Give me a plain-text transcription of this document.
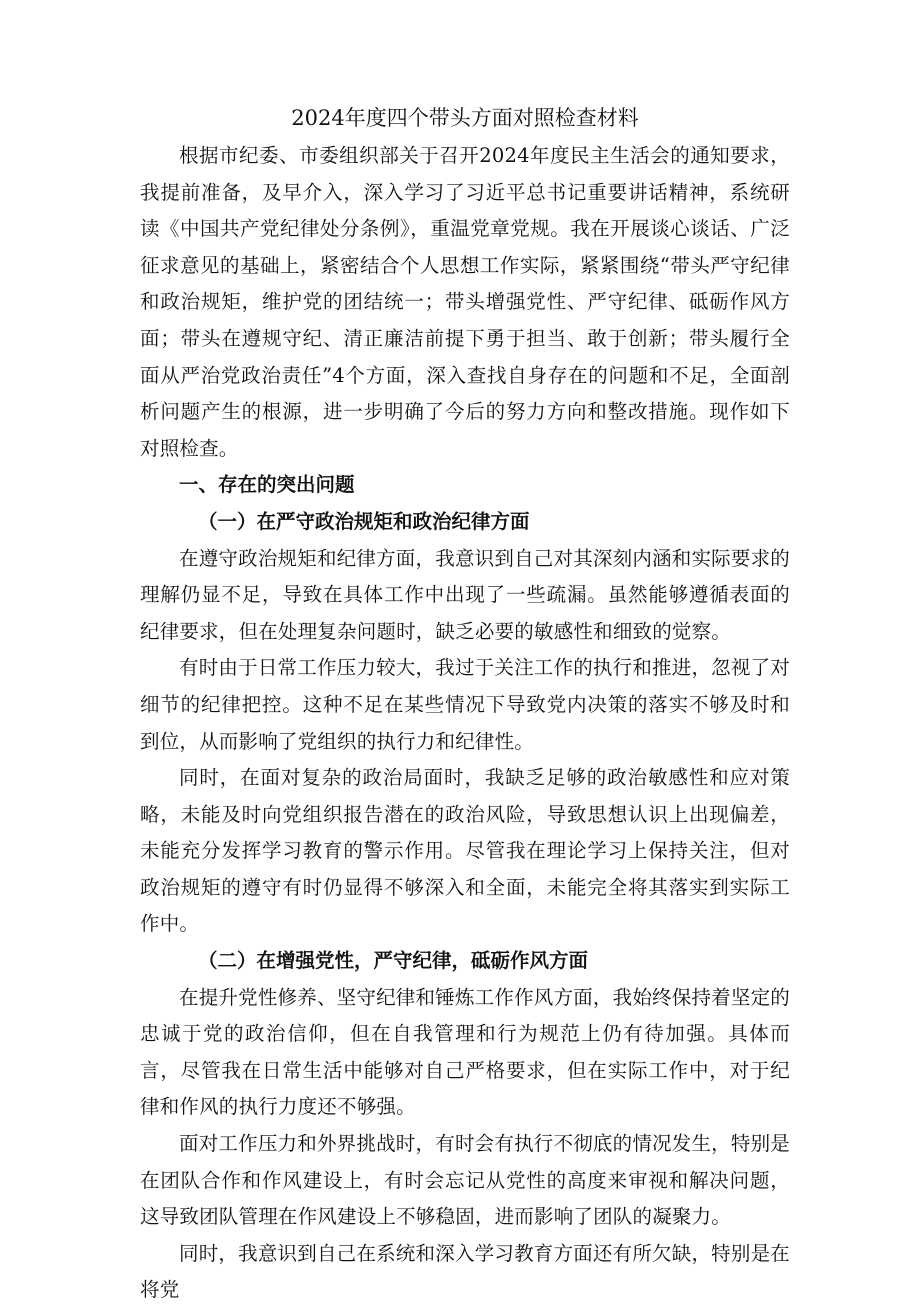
2024年度四个带头方面对照检查材料

根据市纪委、市委组织部关于召开2024年度民主生活会的通知要求，我提前准备，及早介入，深入学习了习近平总书记重要讲话精神，系统研读《中国共产党纪律处分条例》，重温党章党规。我在开展谈心谈话、广泛征求意见的基础上，紧密结合个人思想工作实际，紧紧围绕“带头严守纪律和政治规矩，维护党的团结统一；带头增强党性、严守纪律、砥砺作风方面；带头在遵规守纪、清正廉洁前提下勇于担当、敢于创新；带头履行全面从严治党政治责任”4个方面，深入查找自身存在的问题和不足，全面剖析问题产生的根源，进一步明确了今后的努力方向和整改措施。现作如下对照检查。

一、存在的突出问题
（一）在严守政治规矩和政治纪律方面

在遵守政治规矩和纪律方面，我意识到自己对其深刻内涵和实际要求的理解仍显不足，导致在具体工作中出现了一些疏漏。虽然能够遵循表面的纪律要求，但在处理复杂问题时，缺乏必要的敏感性和细致的觉察。

有时由于日常工作压力较大，我过于关注工作的执行和推进，忽视了对细节的纪律把控。这种不足在某些情况下导致党内决策的落实不够及时和到位，从而影响了党组织的执行力和纪律性。

同时，在面对复杂的政治局面时，我缺乏足够的政治敏感性和应对策略，未能及时向党组织报告潜在的政治风险，导致思想认识上出现偏差，未能充分发挥学习教育的警示作用。尽管我在理论学习上保持关注，但对政治规矩的遵守有时仍显得不够深入和全面，未能完全将其落实到实际工作中。

（二）在增强党性，严守纪律，砥砺作风方面

在提升党性修养、坚守纪律和锤炼工作作风方面，我始终保持着坚定的忠诚于党的政治信仰，但在自我管理和行为规范上仍有待加强。具体而言，尽管我在日常生活中能够对自己严格要求，但在实际工作中，对于纪律和作风的执行力度还不够强。

面对工作压力和外界挑战时，有时会有执行不彻底的情况发生，特别是在团队合作和作风建设上，有时会忘记从党性的高度来审视和解决问题，这导致团队管理在作风建设上不够稳固，进而影响了团队的凝聚力。

同时，我意识到自己在系统和深入学习教育方面还有所欠缺，特别是在将党
